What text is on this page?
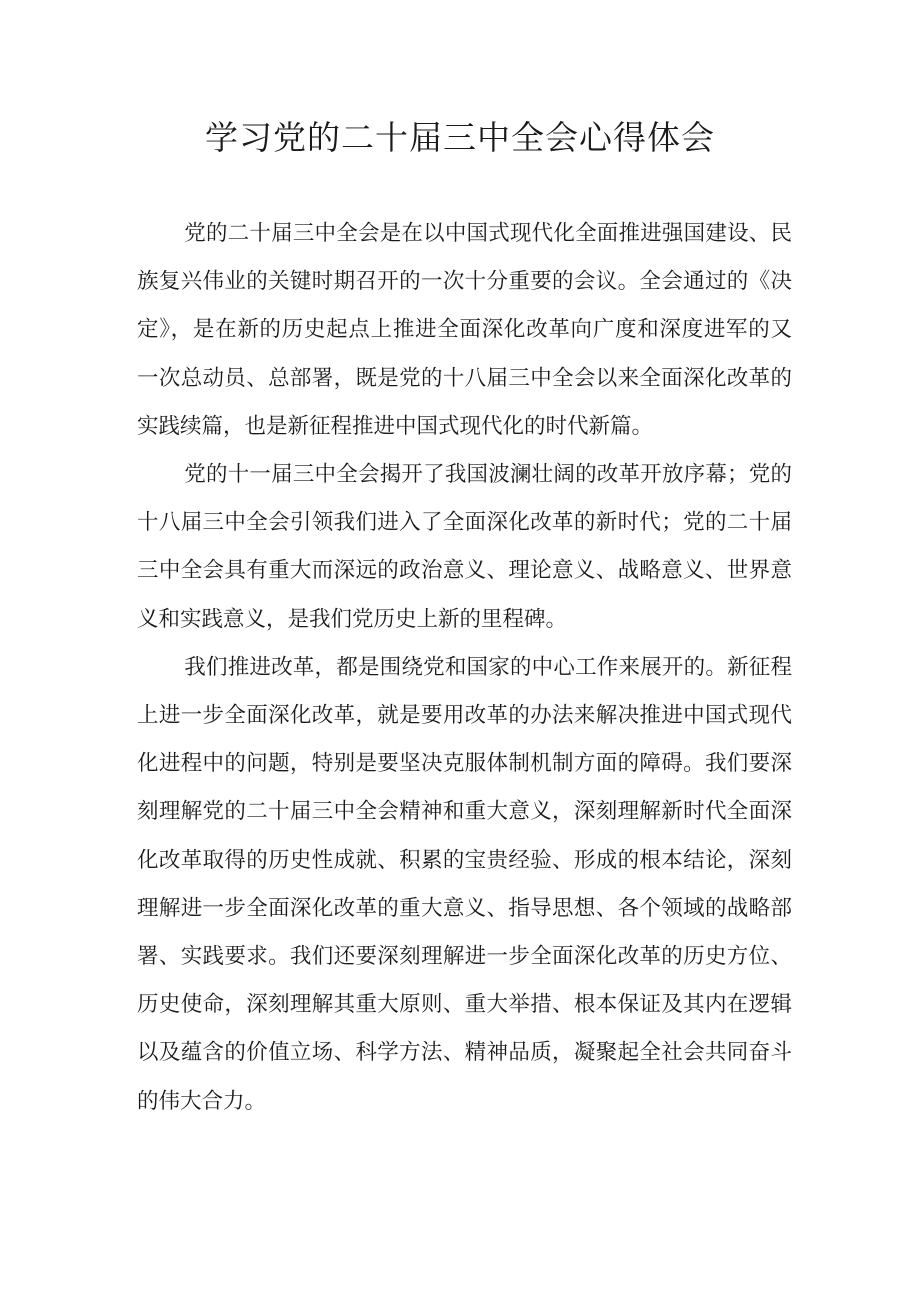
学习党的二十届三中全会心得体会

党的二十届三中全会是在以中国式现代化全面推进强国建设、民族复兴伟业的关键时期召开的一次十分重要的会议。全会通过的《决定》，是在新的历史起点上推进全面深化改革向广度和深度进军的又一次总动员、总部署，既是党的十八届三中全会以来全面深化改革的实践续篇，也是新征程推进中国式现代化的时代新篇。

党的十一届三中全会揭开了我国波澜壮阔的改革开放序幕；党的十八届三中全会引领我们进入了全面深化改革的新时代；党的二十届三中全会具有重大而深远的政治意义、理论意义、战略意义、世界意义和实践意义，是我们党历史上新的里程碑。

我们推进改革，都是围绕党和国家的中心工作来展开的。新征程上进一步全面深化改革，就是要用改革的办法来解决推进中国式现代化进程中的问题，特别是要坚决克服体制机制方面的障碍。我们要深刻理解党的二十届三中全会精神和重大意义，深刻理解新时代全面深化改革取得的历史性成就、积累的宝贵经验、形成的根本结论，深刻理解进一步全面深化改革的重大意义、指导思想、各个领域的战略部署、实践要求。我们还要深刻理解进一步全面深化改革的历史方位、历史使命，深刻理解其重大原则、重大举措、根本保证及其内在逻辑以及蕴含的价值立场、科学方法、精神品质，凝聚起全社会共同奋斗的伟大合力。
